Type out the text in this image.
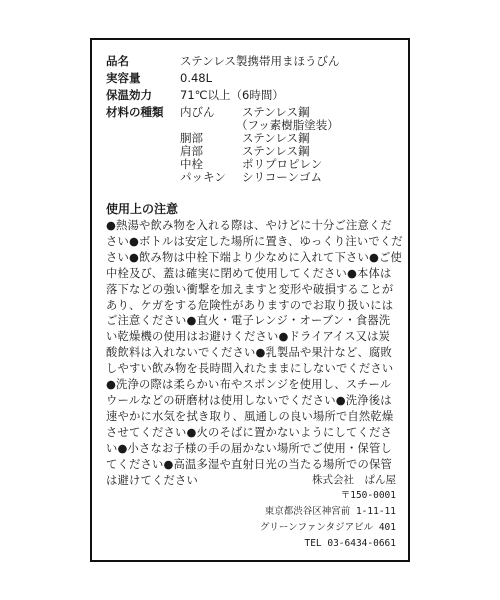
品名	ステンレス製携帯用まほうびん
実容量	0.48L
保温効力 71℃以上（6時間）
材料の種類	内びん ステンレス鋼
（フッ素樹脂塗装）
胴部	ステンレス鋼
肩部	ステンレス鋼
中栓	ポリプロピレン
パッキン シリコーンゴム
使用上の注意
●熱湯や飲み物を入れる際は、やけどに十分ご注意くだ
さい●ボトルは安定した場所に置き、ゆっくり注いでくだ
さい●飲み物は中栓下端より少なめに入れて下さい●ご使
中栓及び、蓋は確実に閉めて使用してください●本体は
落下などの強い衝撃を加えますと変形や破損することが
あり、ケガをする危険性がありますのでお取り扱いには
ご注意ください●直火・電子レンジ・オーブン・食器洗
い乾燥機の使用はお避けください●ドライアイス又は炭
酸飲料は入れないでください●乳製品や果汁など、腐敗
しやすい飲み物を長時間入れたままにしないでください
●洗浄の際は柔らかい布やスポンジを使用し、スチール
ウールなどの研磨材は使用しないでください●洗浄後は
速やかに水気を拭き取り、風通しの良い場所で自然乾燥
させてください●火のそばに置かないようにしてくださ
い●小さなお子様の手の届かない場所でご使用・保管し
てください●高温多湿や直射日光の当たる場所での保管
は避けてください	株式会社　ぱん屋
〒150-0001
東京都渋谷区神宮前 1-11-11
グリーンファンタジアビル 401
TEL 03-6434-0661
